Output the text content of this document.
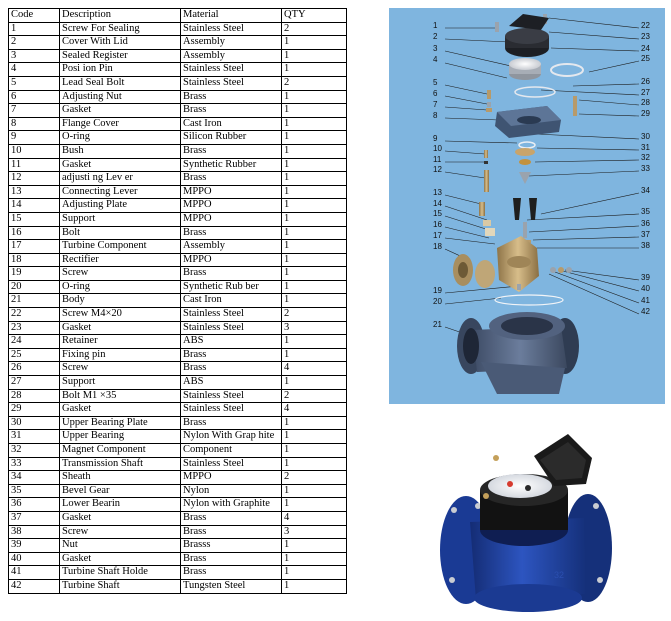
Code	Description	Material	QTY
1	Screw For Sealing	Stainless Steel	2
2	Cover With Lid	Assembly	1
3	Sealed Register	Assembly	1
4	Posi ion Pin	Stainless Steel	1
5	Lead Seal Bolt	Stainless Steel	2
6	Adjusting Nut	Brass	1
7	Gasket	Brass	1
8	Flange Cover	Cast Iron	1
9	O-ring	Silicon Rubber	1
10	Bush	Brass	1
11	Gasket	Synthetic Rubber	1
12	adjusti ng Lev er	Brass	1
13	Connecting Lever	MPPO	1
14	Adjusting Plate	MPPO	1
15	Support	MPPO	1
16	Bolt	Brass	1
17	Turbine Component	Assembly	1
18	Rectifier	MPPO	1
19	Screw	Brass	1
20	O-ring	Synthetic Rub ber	1
21	Body	Cast Iron	1
22	Screw M4×20	Stainless Steel	2
23	Gasket	Stainless Steel	3
24	Retainer	ABS	1
25	Fixing pin	Brass	1
26	Screw	Brass	4
27	Support	ABS	1
28	Bolt M1 ×35	Stainless Steel	2
29	Gasket	Stainless Steel	4
30	Upper Bearing Plate	Brass	1
31	Upper Bearing	Nylon With Grap hite	1
32	Magnet Component	Component	1
33	Transmission Shaft	Stainless Steel	1
34	Sheath	MPPO	2
35	Bevel Gear	Nylon	1
36	Lower Bearin	Nylon with Graphite	1
37	Gasket	Brass	4
38	Screw	Brass	3
39	Nut	Brasss	1
40	Gasket	Brass	1
41	Turbine Shaft Holde	Brass	1
42	Turbine Shaft	Tungsten Steel	1
1
2
3
4
5
6
7
8
9
10
11
12
13
14
15
16
17
18
19
20
21
22
23
24
25
26
27
28
29
30
31
32
33
34
35
36
37
38
39
40
41
42
32
